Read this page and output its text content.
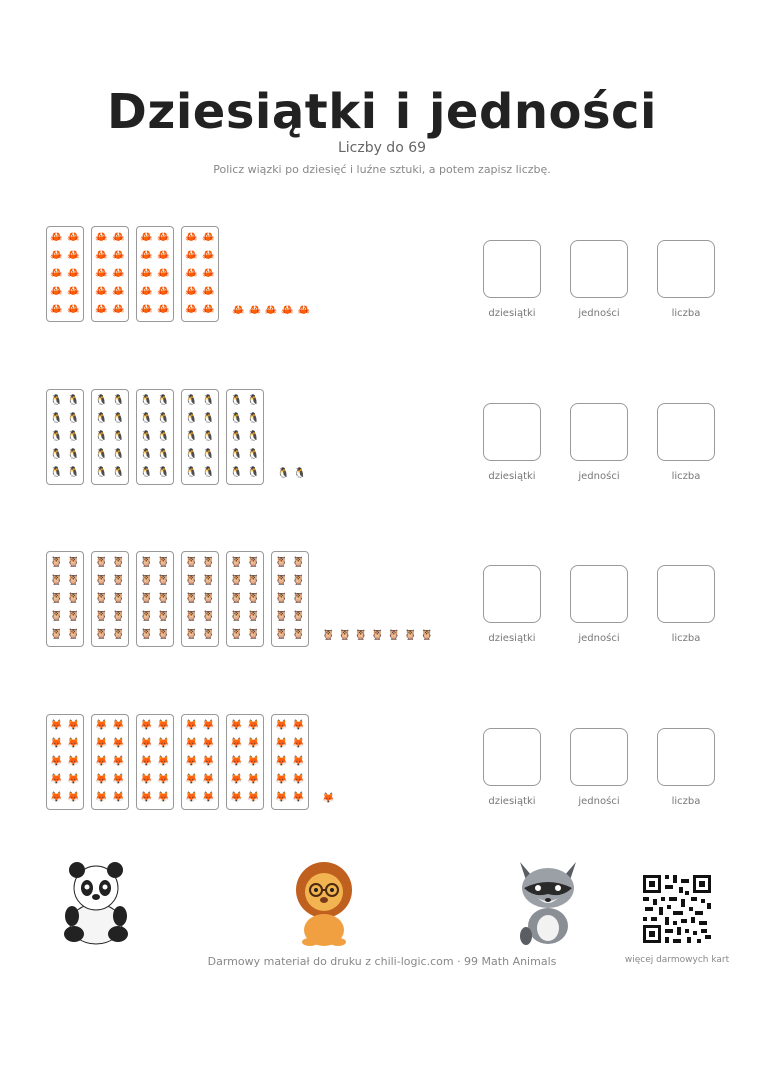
Dziesiątki i jedności
Liczby do 69
Policz wiązki po dziesięć i luźne sztuki, a potem zapisz liczbę.
🦀 🦀
🦀 🦀
🦀 🦀
🦀 🦀
🦀 🦀
🦀 🦀
🦀 🦀
🦀 🦀
🦀 🦀
🦀 🦀
🦀 🦀
🦀 🦀
🦀 🦀
🦀 🦀
🦀 🦀
🦀 🦀
🦀 🦀
🦀 🦀
🦀 🦀
🦀 🦀 🦀 🦀 🦀 🦀 🦀	dziesiątki	jedności	liczba
🐧 🐧
🐧 🐧
🐧 🐧
🐧 🐧
🐧 🐧
🐧 🐧
🐧 🐧
🐧 🐧
🐧 🐧
🐧 🐧
🐧 🐧
🐧 🐧
🐧 🐧
🐧 🐧
🐧 🐧
🐧 🐧
🐧 🐧
🐧 🐧
🐧 🐧
🐧 🐧
🐧 🐧
🐧 🐧
🐧 🐧
🐧 🐧
🐧 🐧 🐧 🐧	dziesiątki	jedności	liczba
🦉 🦉
🦉 🦉
🦉 🦉
🦉 🦉
🦉 🦉
🦉 🦉
🦉 🦉
🦉 🦉
🦉 🦉
🦉 🦉
🦉 🦉
🦉 🦉
🦉 🦉
🦉 🦉
🦉 🦉
🦉 🦉
🦉 🦉
🦉 🦉
🦉 🦉
🦉 🦉
🦉 🦉
🦉 🦉
🦉 🦉
🦉 🦉
🦉 🦉
🦉 🦉
🦉 🦉
🦉 🦉
🦉 🦉
🦉 🦉 🦉 🦉 🦉 🦉 🦉 🦉 🦉	dziesiątki	jedności	liczba
🦊 🦊
🦊 🦊
🦊 🦊
🦊 🦊
🦊 🦊
🦊 🦊
🦊 🦊
🦊 🦊
🦊 🦊
🦊 🦊
🦊 🦊
🦊 🦊
🦊 🦊
🦊 🦊
🦊 🦊
🦊 🦊
🦊 🦊
🦊 🦊
🦊 🦊
🦊 🦊
🦊 🦊
🦊 🦊
🦊 🦊
🦊 🦊
🦊 🦊
🦊 🦊
🦊 🦊
🦊 🦊
🦊 🦊
🦊 🦊 🦊	dziesiątki	jedności	liczba
Darmowy materiał do druku z chili-logic.com · 99 Math Animals	więcej darmowych kart
